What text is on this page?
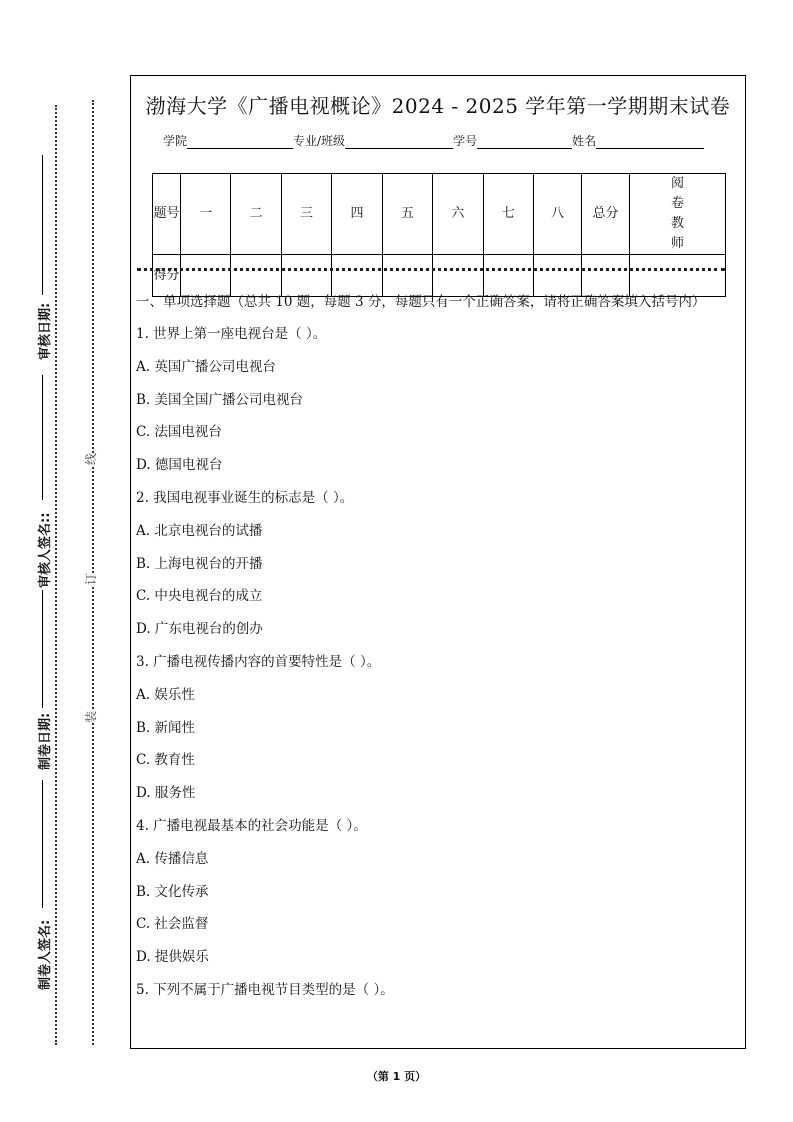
审核日期:
审核人签名::
制卷日期:
制卷人签名:
线
订
装
渤海大学《广播电视概论》2024 - 2025 学年第一学期期末试卷
学院	专业/班级	学号	姓名
题号	一	二	三	四	五	六	七	八	总分	阅卷教师
得分										
一、单项选择题（总共 10 题，每题 3 分，每题只有一个正确答案，请将正确答案填入括号内）
1. 世界上第一座电视台是（ ）。
A. 英国广播公司电视台
B. 美国全国广播公司电视台
C. 法国电视台
D. 德国电视台
2. 我国电视事业诞生的标志是（ ）。
A. 北京电视台的试播
B. 上海电视台的开播
C. 中央电视台的成立
D. 广东电视台的创办
3. 广播电视传播内容的首要特性是（ ）。
A. 娱乐性
B. 新闻性
C. 教育性
D. 服务性
4. 广播电视最基本的社会功能是（ ）。
A. 传播信息
B. 文化传承
C. 社会监督
D. 提供娱乐
5. 下列不属于广播电视节目类型的是（ ）。
（第 1 页）
